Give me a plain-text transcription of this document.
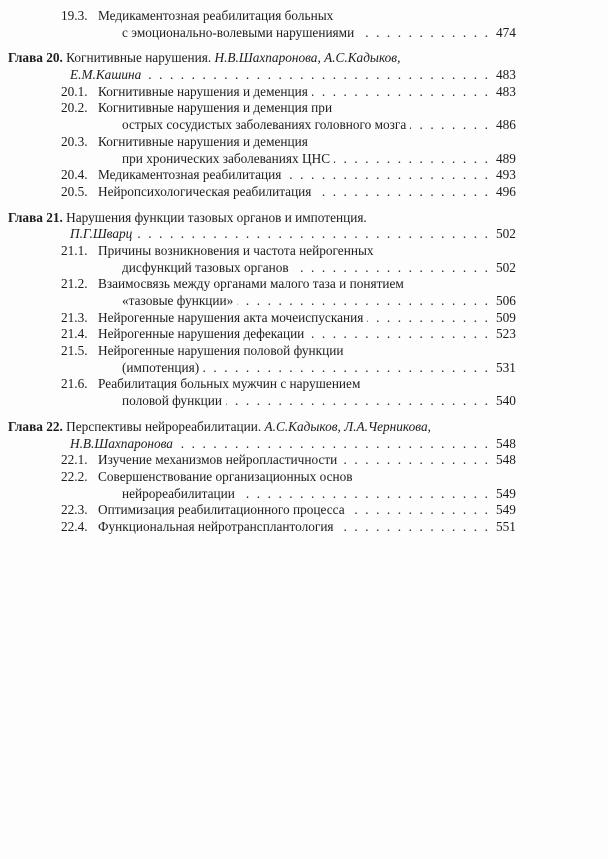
19.3. Медикаментозная реабилитация больных
с эмоционально-волевыми нарушениями	474
. . .
Глава 20. Когнитивные нарушения. Н.В.Шахпаронова, А.С.Кадыков,
Е.М.Кашина	483
. . .
20.1. Когнитивные нарушения и деменция	483
. . .
20.2. Когнитивные нарушения и деменция при
острых сосудистых заболеваниях головного мозга	486
. . .
20.3. Когнитивные нарушения и деменция
при хронических заболеваниях ЦНС	489
. . .
20.4. Медикаментозная реабилитация	493
. . .
20.5. Нейропсихологическая реабилитация	496
. . .
Глава 21. Нарушения функции тазовых органов и импотенция.
П.Г.Шварц	502
. . .
21.1. Причины возникновения и частота нейрогенных
дисфункций тазовых органов	502
. . .
21.2. Взаимосвязь между органами малого таза и понятием
«тазовые функции»	506
. . .
21.3. Нейрогенные нарушения акта мочеиспускания	509
. . .
21.4. Нейрогенные нарушения дефекации	523
. . .
21.5. Нейрогенные нарушения половой функции
(импотенция)	531
. . .
21.6. Реабилитация больных мужчин с нарушением
половой функции	540
. . .
Глава 22. Перспективы нейрореабилитации. А.С.Кадыков, Л.А.Черникова,
Н.В.Шахпаронова	548
. . .
22.1. Изучение механизмов нейропластичности	548
. . .
22.2. Совершенствование организационных основ
нейрореабилитации	549
. . .
22.3. Оптимизация реабилитационного процесса	549
. . .
22.4. Функциональная нейротрансплантология	551
. . .
